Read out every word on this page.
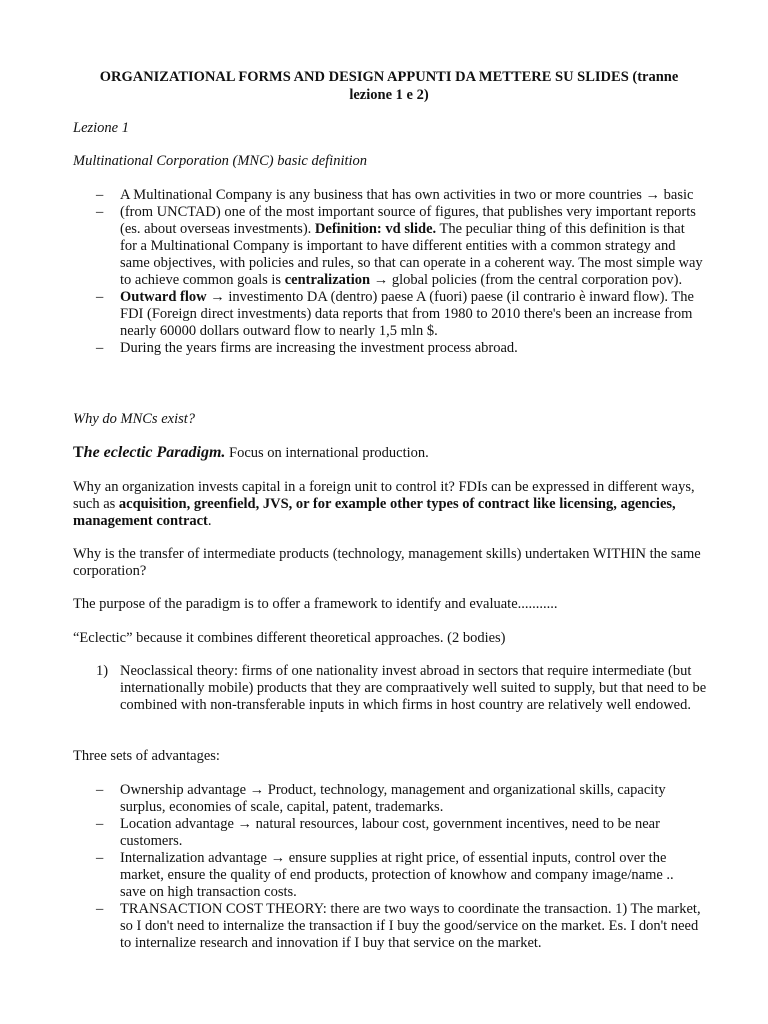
ORGANIZATIONAL FORMS AND DESIGN APPUNTI DA METTERE SU SLIDES (tranne
lezione 1 e 2)
Lezione 1
Multinational Corporation (MNC) basic definition
– A Multinational Company is any business that has own activities in two or more countries → basic
– (from UNCTAD) one of the most important source of figures, that publishes very important reports (es. about overseas investments). Definition: vd slide. The peculiar thing of this definition is that for a Multinational Company is important to have different entities with a common strategy and same objectives, with policies and rules, so that can operate in a coherent way. The most simple way to achieve common goals is centralization → global policies (from the central corporation pov).
– Outward flow → investimento DA (dentro) paese A (fuori) paese (il contrario è inward flow). The FDI (Foreign direct investments) data reports that from 1980 to 2010 there's been an increase from nearly 60000 dollars outward flow to nearly 1,5 mln $.
– During the years firms are increasing the investment process abroad.
Why do MNCs exist?
The eclectic Paradigm. Focus on international production.
Why an organization invests capital in a foreign unit to control it? FDIs can be expressed in different ways, such as acquisition, greenfield, JVS, or for example other types of contract like licensing, agencies, management contract.
Why is the transfer of intermediate products (technology, management skills) undertaken WITHIN the same corporation?
The purpose of the paradigm is to offer a framework to identify and evaluate...........
“Eclectic” because it combines different theoretical approaches. (2 bodies)
1) Neoclassical theory: firms of one nationality invest abroad in sectors that require intermediate (but internationally mobile) products that they are compraatively well suited to supply, but that need to be combined with non-transferable inputs in which firms in host country are relatively well endowed.
Three sets of advantages:
– Ownership advantage → Product, technology, management and organizational skills, capacity surplus, economies of scale, capital, patent, trademarks.
– Location advantage → natural resources, labour cost, government incentives, need to be near customers.
– Internalization advantage → ensure supplies at right price, of essential inputs, control over the market, ensure the quality of end products, protection of knowhow and company image/name .. save on high transaction costs.
– TRANSACTION COST THEORY: there are two ways to coordinate the transaction. 1) The market, so I don't need to internalize the transaction if I buy the good/service on the market. Es. I don't need to internalize research and innovation if I buy that service on the market.
